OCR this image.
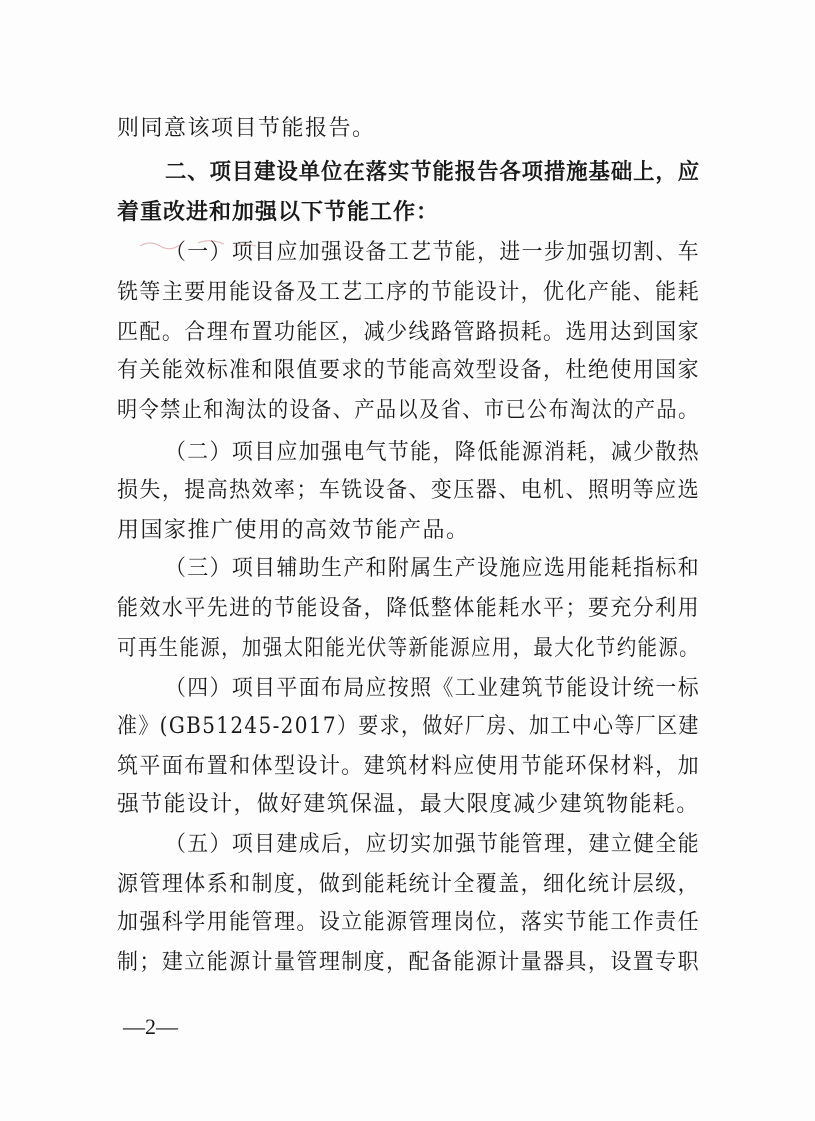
则同意该项目节能报告。
二、项目建设单位在落实节能报告各项措施基础上，应
着重改进和加强以下节能工作：
（一）项目应加强设备工艺节能，进一步加强切割、车
铣等主要用能设备及工艺工序的节能设计，优化产能、能耗
匹配。合理布置功能区，减少线路管路损耗。选用达到国家
有关能效标准和限值要求的节能高效型设备，杜绝使用国家
明令禁止和淘汰的设备、产品以及省、市已公布淘汰的产品。
（二）项目应加强电气节能，降低能源消耗，减少散热
损失，提高热效率；车铣设备、变压器、电机、照明等应选
用国家推广使用的高效节能产品。
（三）项目辅助生产和附属生产设施应选用能耗指标和
能效水平先进的节能设备，降低整体能耗水平；要充分利用
可再生能源，加强太阳能光伏等新能源应用，最大化节约能源。
（四）项目平面布局应按照《工业建筑节能设计统一标
准》(GB51245-2017）要求，做好厂房、加工中心等厂区建
筑平面布置和体型设计。建筑材料应使用节能环保材料，加
强节能设计，做好建筑保温，最大限度减少建筑物能耗。
（五）项目建成后，应切实加强节能管理，建立健全能
源管理体系和制度，做到能耗统计全覆盖，细化统计层级，
加强科学用能管理。设立能源管理岗位，落实节能工作责任
制；建立能源计量管理制度，配备能源计量器具，设置专职
—2—
